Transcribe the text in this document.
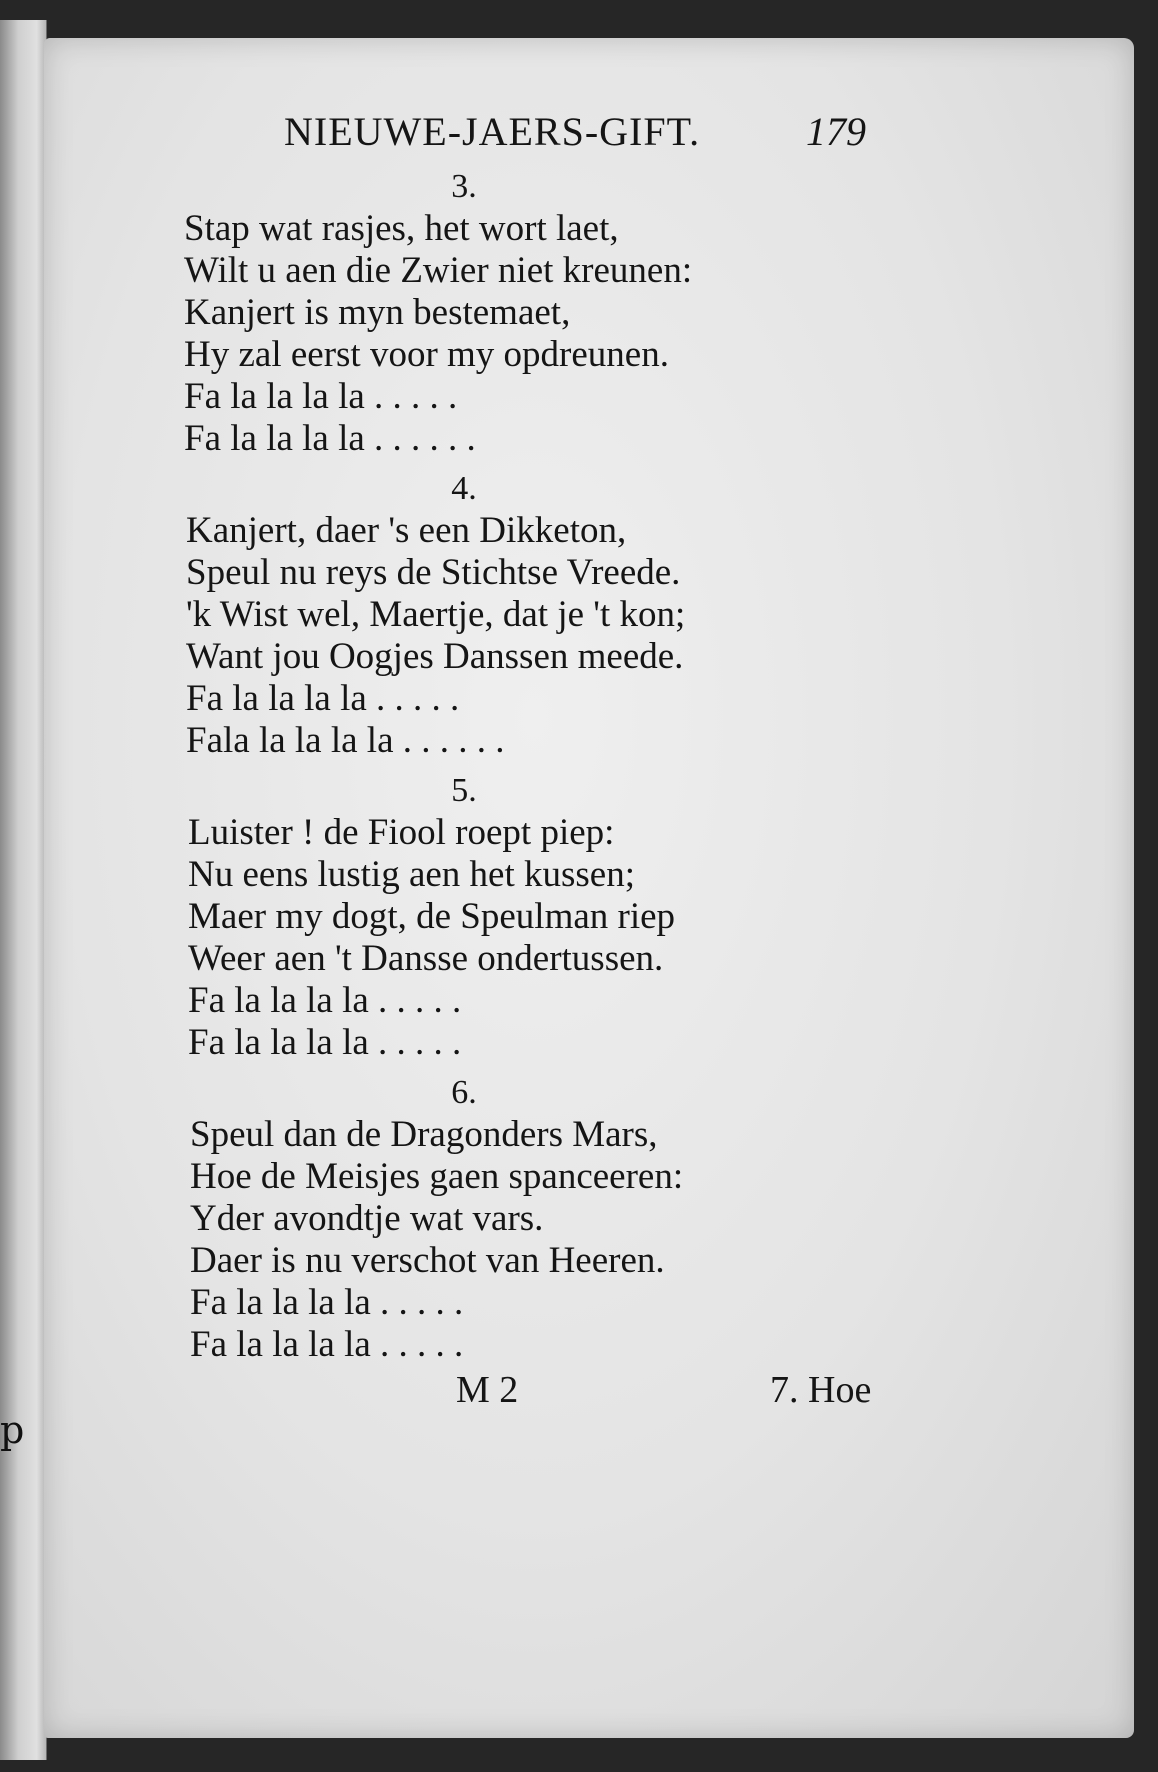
p
NIEUWE-JAERS-GIFT.	179
3.
Stap wat rasjes, het wort laet,
Wilt u aen die Zwier niet kreunen:
Kanjert is myn bestemaet,
Hy zal eerst voor my opdreunen.
Fa la la la la . . . . .
Fa la la la la . . . . . .
4.
Kanjert, daer 's een Dikketon,
Speul nu reys de Stichtse Vreede.
'k Wist wel, Maertje, dat je 't kon;
Want jou Oogjes Danssen meede.
Fa la la la la . . . . .
Fala la la la la . . . . . .
5.
Luister ! de Fiool roept piep:
Nu eens lustig aen het kussen;
Maer my dogt, de Speulman riep
Weer aen 't Dansse ondertussen.
Fa la la la la . . . . .
Fa la la la la . . . . .
6.
Speul dan de Dragonders Mars,
Hoe de Meisjes gaen spanceeren:
Yder avondtje wat vars.
Daer is nu verschot van Heeren.
Fa la la la la . . . . .
Fa la la la la . . . . .
M 2	7. Hoe
